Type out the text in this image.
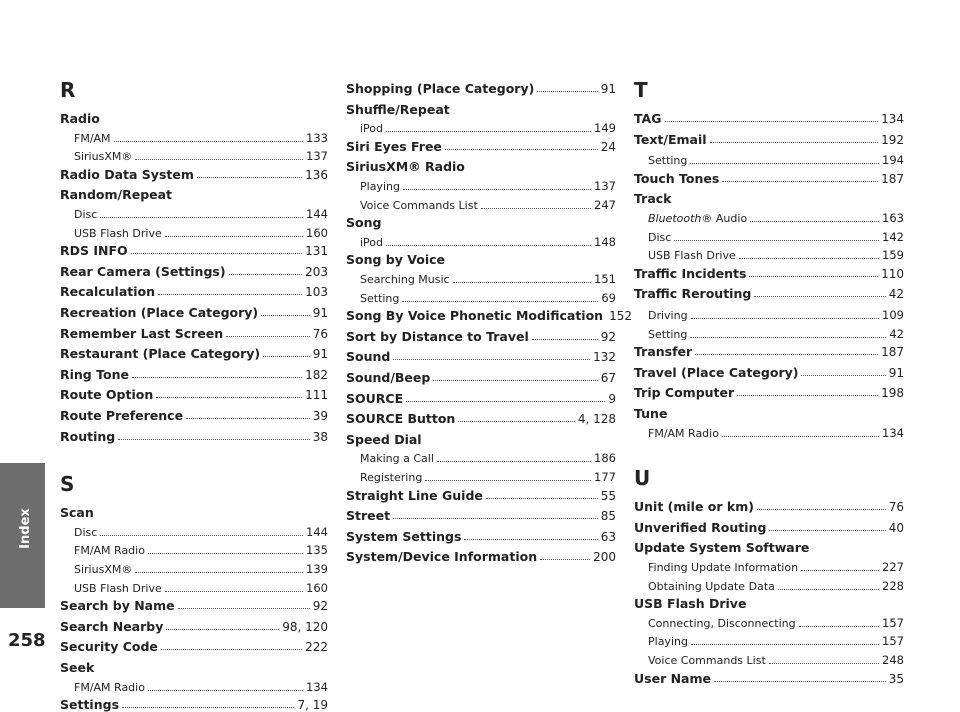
Index
258
R
Radio
FM/AM	133
SiriusXM®	137
Radio Data System	136
Random/Repeat
Disc	144
USB Flash Drive	160
RDS INFO	131
Rear Camera (Settings)	203
Recalculation	103
Recreation (Place Category)	91
Remember Last Screen	76
Restaurant (Place Category)	91
Ring Tone	182
Route Option	111
Route Preference	39
Routing	38
S
Scan
Disc	144
FM/AM Radio	135
SiriusXM®	139
USB Flash Drive	160
Search by Name	92
Search Nearby	98, 120
Security Code	222
Seek
FM/AM Radio	134
Settings	7, 19
Shopping (Place Category)	91
Shuffle/Repeat
iPod	149
Siri Eyes Free	24
SiriusXM® Radio
Playing	137
Voice Commands List	247
Song
iPod	148
Song by Voice
Searching Music	151
Setting	69
Song By Voice Phonetic Modification 152
Sort by Distance to Travel	92
Sound	132
Sound/Beep	67
SOURCE	9
SOURCE Button	4, 128
Speed Dial
Making a Call	186
Registering	177
Straight Line Guide	55
Street	85
System Settings	63
System/Device Information	200
T
TAG	134
Text/Email	192
Setting	194
Touch Tones	187
Track
Bluetooth® Audio	163
Disc	142
USB Flash Drive	159
Traffic Incidents	110
Traffic Rerouting	42
Driving	109
Setting	42
Transfer	187
Travel (Place Category)	91
Trip Computer	198
Tune
FM/AM Radio	134
U
Unit (mile or km)	76
Unverified Routing	40
Update System Software
Finding Update Information	227
Obtaining Update Data	228
USB Flash Drive
Connecting, Disconnecting	157
Playing	157
Voice Commands List	248
User Name	35
